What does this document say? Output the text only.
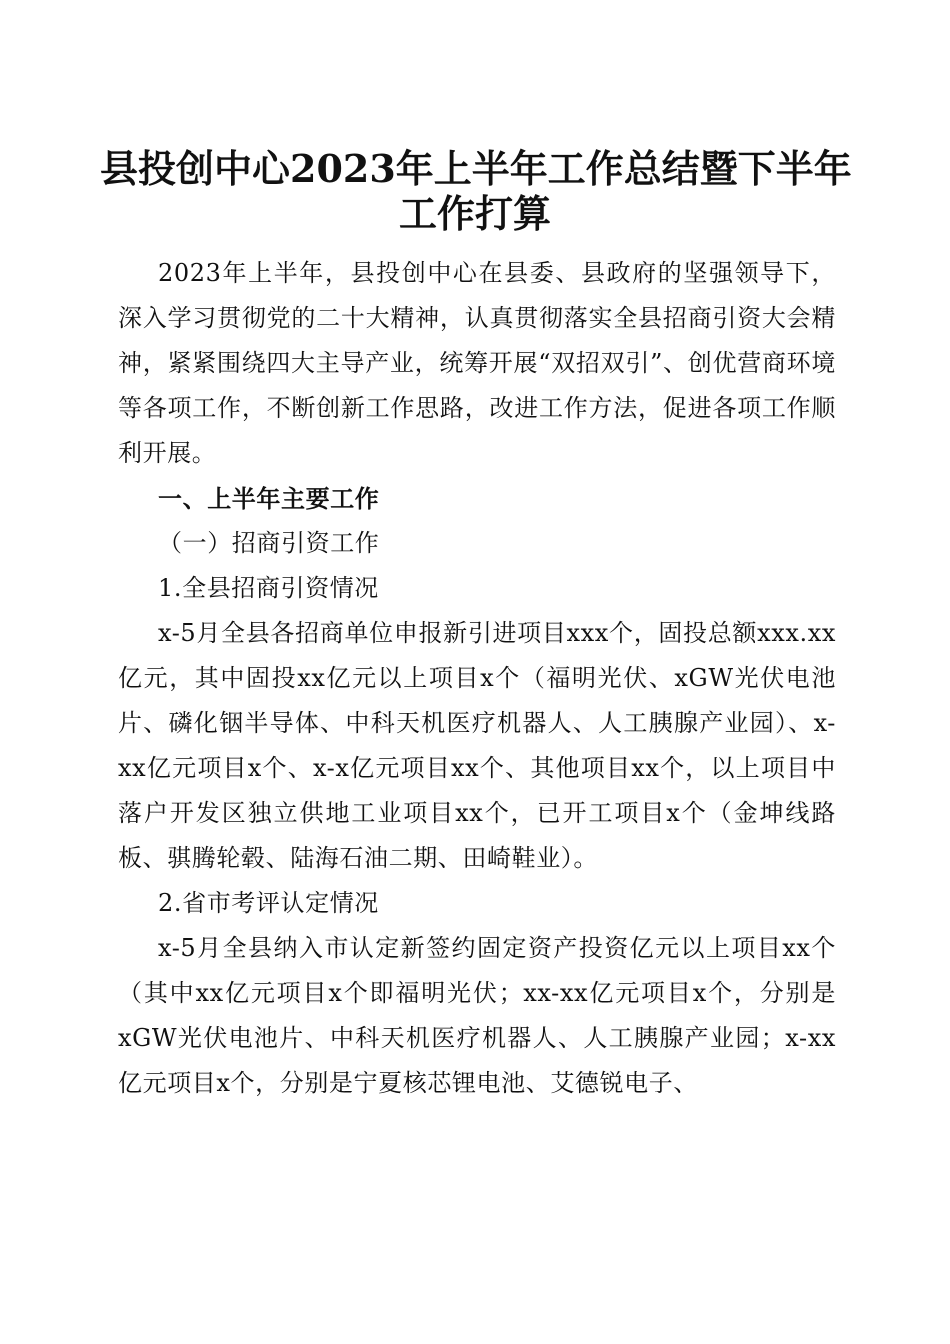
县投创中心2023年上半年工作总结暨下半年
工作打算

2023年上半年，县投创中心在县委、县政府的坚强领导下，深入学习贯彻党的二十大精神，认真贯彻落实全县招商引资大会精神，紧紧围绕四大主导产业，统筹开展“双招双引”、创优营商环境等各项工作，不断创新工作思路，改进工作方法，促进各项工作顺利开展。

一、上半年主要工作

（一）招商引资工作

1.全县招商引资情况

x-5月全县各招商单位申报新引进项目xxx个，固投总额xxx.xx亿元，其中固投xx亿元以上项目x个（福明光伏、xGW光伏电池片、磷化铟半导体、中科天机医疗机器人、人工胰腺产业园）、x-xx亿元项目x个、x-x亿元项目xx个、其他项目xx个，以上项目中落户开发区独立供地工业项目xx个，已开工项目x个（金坤线路板、骐腾轮毂、陆海石油二期、田崎鞋业）。

2.省市考评认定情况

x-5月全县纳入市认定新签约固定资产投资亿元以上项目xx个（其中xx亿元项目x个即福明光伏；xx-xx亿元项目x个，分别是xGW光伏电池片、中科天机医疗机器人、人工胰腺产业园；x-xx亿元项目x个，分别是宁夏核芯锂电池、艾德锐电子、
